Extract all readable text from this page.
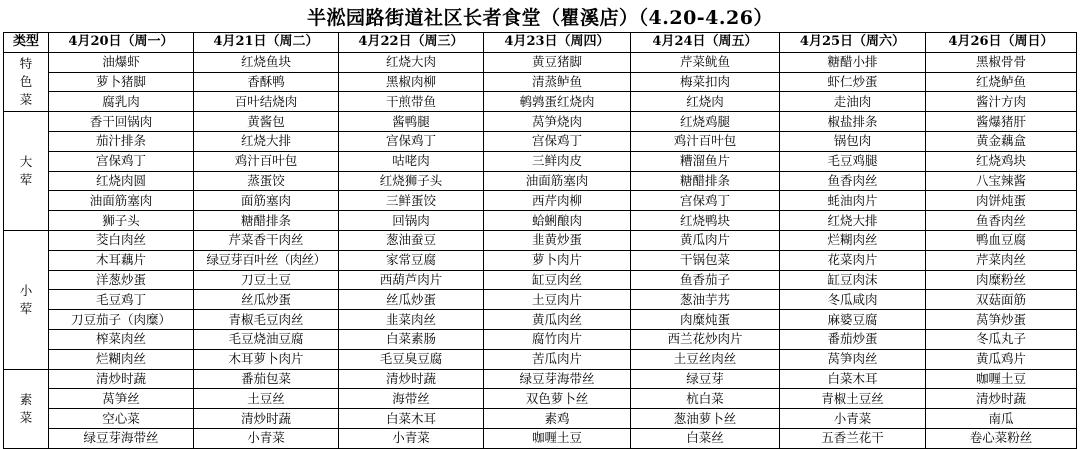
半淞园路街道社区长者食堂（瞿溪店）（4.20-4.26）
类型	4月20日（周一）	4月21日（周二）	4月22日（周三）	4月23日（周四）	4月24日（周五）	4月25日（周六）	4月26日（周日）

特
色
菜	油爆虾	红烧鱼块	红烧大肉	黄豆猪脚	芹菜鱿鱼	糖醋小排	黑椒骨骨
	萝卜猪脚	香酥鸭	黑椒肉柳	清蒸鲈鱼	梅菜扣肉	虾仁炒蛋	红烧鲈鱼
	腐乳肉	百叶结烧肉	干煎带鱼	鹌鹑蛋红烧肉	红烧肉	走油肉	酱汁方肉

大
荤	香干回锅肉	黄酱包	酱鸭腿	莴笋烧肉	红烧鸡腿	椒盐排条	酱爆猪肝
	茄汁排条	红烧大排	宫保鸡丁	宫保鸡丁	鸡汁百叶包	锅包肉	黄金藕盒
	宫保鸡丁	鸡汁百叶包	咕咾肉	三鲜肉皮	糟溜鱼片	毛豆鸡腿	红烧鸡块
	红烧肉圆	蒸蛋饺	红烧狮子头	油面筋塞肉	糖醋排条	鱼香肉丝	八宝辣酱
	油面筋塞肉	面筋塞肉	三鲜蛋饺	西芹肉柳	宫保鸡丁	蚝油肉片	肉饼炖蛋
	狮子头	糖醋排条	回锅肉	蛤蜊酿肉	红烧鸭块	红烧大排	鱼香肉丝

小
荤	茭白肉丝	芹菜香干肉丝	葱油蚕豆	韭黄炒蛋	黄瓜肉片	烂糊肉丝	鸭血豆腐
	木耳藕片	绿豆芽百叶丝（肉丝）	家常豆腐	萝卜肉片	干锅包菜	花菜肉片	芹菜肉丝
	洋葱炒蛋	刀豆土豆	西葫芦肉片	缸豆肉丝	鱼香茄子	缸豆肉沫	肉糜粉丝
	毛豆鸡丁	丝瓜炒蛋	丝瓜炒蛋	土豆肉片	葱油芋艿	冬瓜咸肉	双菇面筋
	刀豆茄子（肉糜）	青椒毛豆肉丝	韭菜肉丝	黄瓜肉丝	肉糜炖蛋	麻婆豆腐	莴笋炒蛋
	榨菜肉丝	毛豆烧油豆腐	白菜素肠	腐竹肉片	西兰花炒肉片	番茄炒蛋	冬瓜丸子
	烂糊肉丝	木耳萝卜肉片	毛豆臭豆腐	苦瓜肉片	土豆丝肉丝	莴笋肉丝	黄瓜鸡片

素
菜	清炒时蔬	番茄包菜	清炒时蔬	绿豆芽海带丝	绿豆芽	白菜木耳	咖喱土豆
	莴笋丝	土豆丝	海带丝	双色萝卜丝	杭白菜	青椒土豆丝	清炒时蔬
	空心菜	清炒时蔬	白菜木耳	素鸡	葱油萝卜丝	小青菜	南瓜
	绿豆芽海带丝	小青菜	小青菜	咖喱土豆	白菜丝	五香兰花干	卷心菜粉丝
